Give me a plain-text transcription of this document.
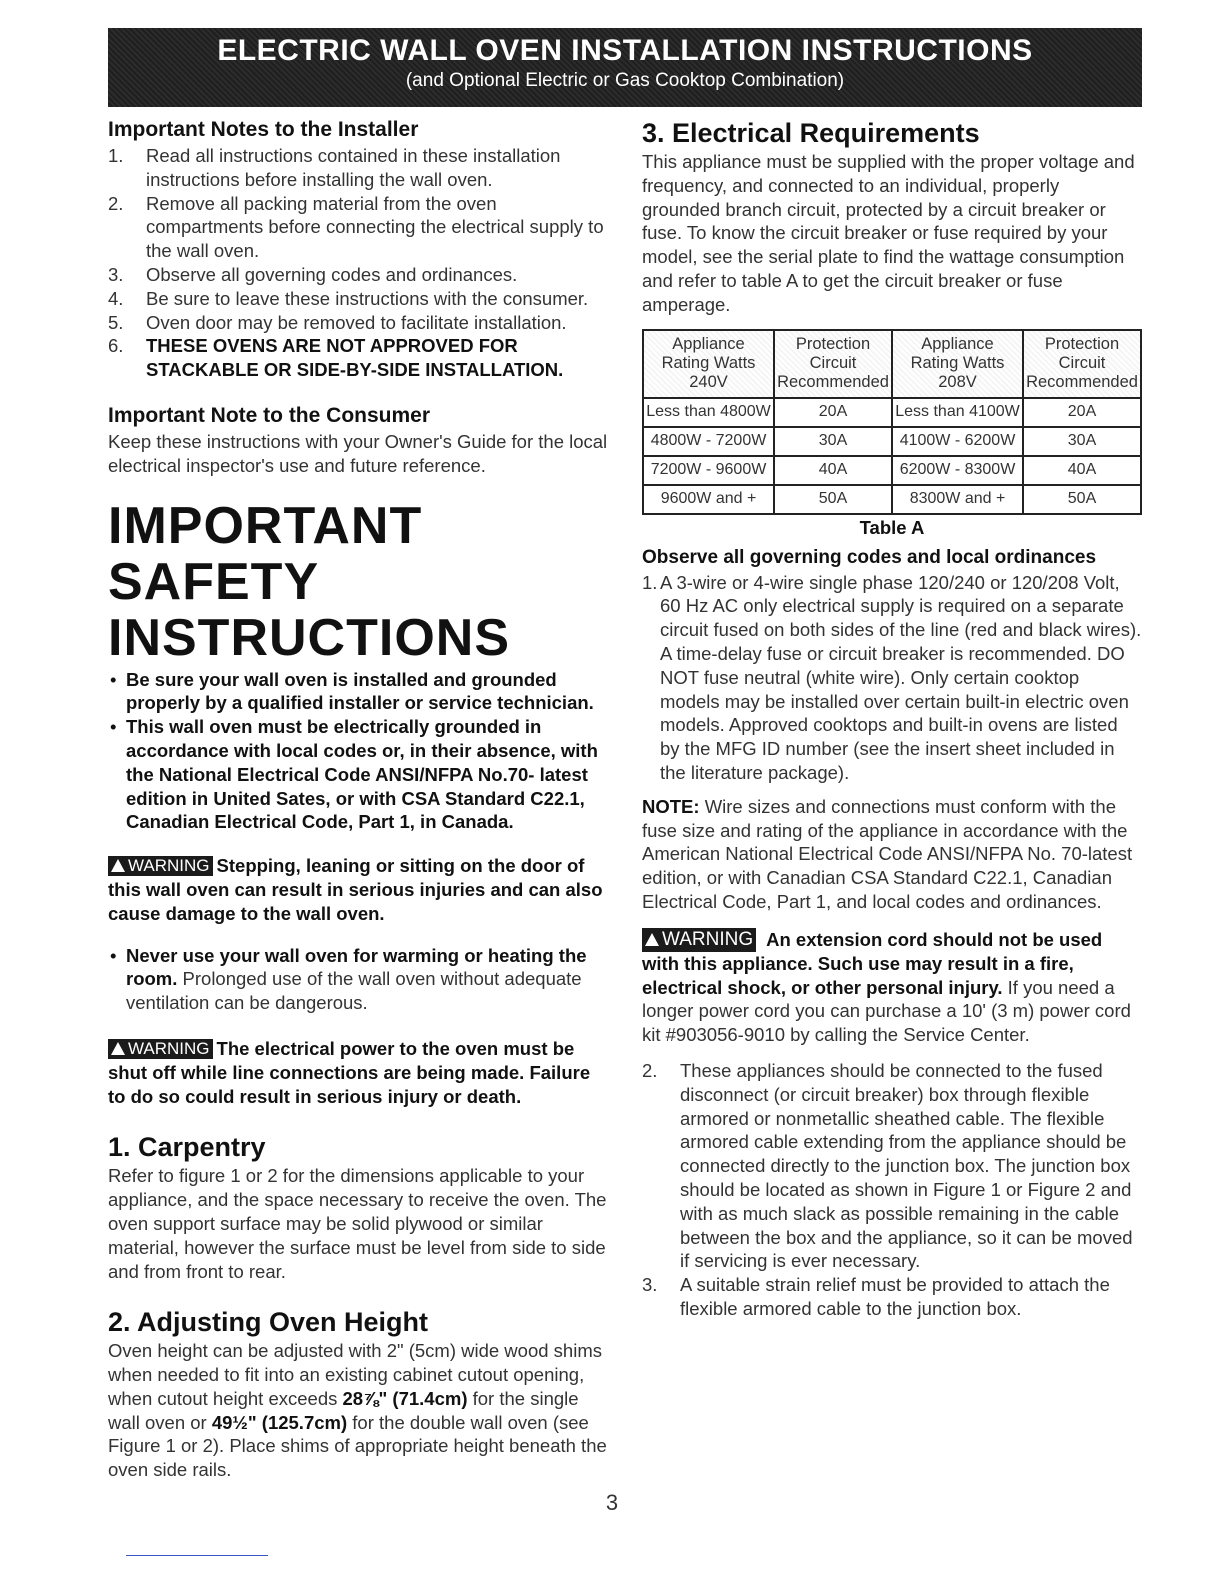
ELECTRIC WALL OVEN INSTALLATION INSTRUCTIONS
(and Optional Electric or Gas Cooktop Combination)
Important Notes to the Installer
1. Read all instructions contained in these installation instructions before installing the wall oven.
2. Remove all packing material from the oven compartments before connecting the electrical supply to the wall oven.
3. Observe all governing codes and ordinances.
4. Be sure to leave these instructions with the consumer.
5. Oven door may be removed to facilitate installation.
6. THESE OVENS ARE NOT APPROVED FOR STACKABLE OR SIDE-BY-SIDE INSTALLATION.
Important Note to the Consumer

Keep these instructions with your Owner's Guide for the local electrical inspector's use and future reference.

IMPORTANT SAFETY INSTRUCTIONS
• Be sure your wall oven is installed and grounded properly by a qualified installer or service technician.
• This wall oven must be electrically grounded in accordance with local codes or, in their absence, with the National Electrical Code ANSI/NFPA No.70- latest edition in United Sates, or with CSA Standard C22.1, Canadian Electrical Code, Part 1, in Canada.

WARNING Stepping, leaning or sitting on the door of this wall oven can result in serious injuries and can also cause damage to the wall oven.

• Never use your wall oven for warming or heating the room. Prolonged use of the wall oven without adequate ventilation can be dangerous.

WARNING The electrical power to the oven must be shut off while line connections are being made. Failure to do so could result in serious injury or death.

1. Carpentry

Refer to figure 1 or 2 for the dimensions applicable to your appliance, and the space necessary to receive the oven. The oven support surface may be solid plywood or similar material, however the surface must be level from side to side and from front to rear.

2. Adjusting Oven Height

Oven height can be adjusted with 2" (5cm) wide wood shims when needed to fit into an existing cabinet cutout opening, when cutout height exceeds 28⅞" (71.4cm) for the single wall oven or 49½" (125.7cm) for the double wall oven (see Figure 1 or 2). Place shims of appropriate height beneath the oven side rails.

3. Electrical Requirements

This appliance must be supplied with the proper voltage and frequency, and connected to an individual, properly grounded branch circuit, protected by a circuit breaker or fuse. To know the circuit breaker or fuse required by your model, see the serial plate to find the wattage consumption and refer to table A to get the circuit breaker or fuse amperage.

Appliance
Rating Watts
240V	Protection
Circuit
Recommended	Appliance
Rating Watts
208V	Protection
Circuit
Recommended
Less than 4800W	20A	Less than 4100W	20A
4800W - 7200W	30A	4100W - 6200W	30A
7200W - 9600W	40A	6200W - 8300W	40A
9600W and +	50A	8300W and +	50A
Table A
Observe all governing codes and local ordinances
1. A 3-wire or 4-wire single phase 120/240 or 120/208 Volt, 60 Hz AC only electrical supply is required on a separate circuit fused on both sides of the line (red and black wires). A time-delay fuse or circuit breaker is recommended. DO NOT fuse neutral (white wire). Only certain cooktop models may be installed over certain built-in electric oven models. Approved cooktops and built-in ovens are listed by the MFG ID number (see the insert sheet included in the literature package).

NOTE: Wire sizes and connections must conform with the fuse size and rating of the appliance in accordance with the American National Electrical Code ANSI/NFPA No. 70-latest edition, or with Canadian CSA Standard C22.1, Canadian Electrical Code, Part 1, and local codes and ordinances.

WARNING An extension cord should not be used with this appliance. Such use may result in a fire, electrical shock, or other personal injury. If you need a longer power cord you can purchase a 10' (3 m) power cord kit #903056-9010 by calling the Service Center.

2. These appliances should be connected to the fused disconnect (or circuit breaker) box through flexible armored or nonmetallic sheathed cable. The flexible armored cable extending from the appliance should be connected directly to the junction box. The junction box should be located as shown in Figure 1 or Figure 2 and with as much slack as possible remaining in the cable between the box and the appliance, so it can be moved if servicing is ever necessary.
3. A suitable strain relief must be provided to attach the flexible armored cable to the junction box.
3
